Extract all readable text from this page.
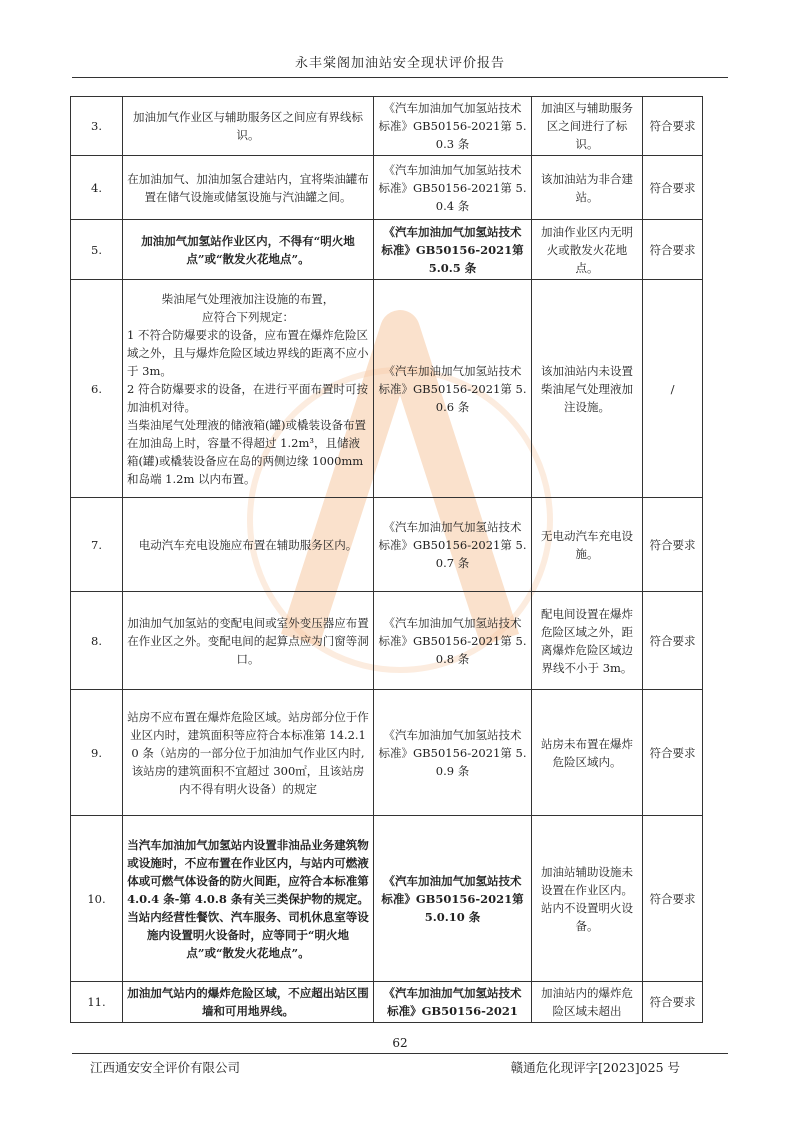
永丰棠阁加油站安全现状评价报告
3.	加油加气作业区与辅助服务区之间应有界线标识。	《汽车加油加气加氢站技术标准》GB50156-2021第 5.0.3 条	加油区与辅助服务区之间进行了标识。	符合要求
4.	在加油加气、加油加氢合建站内，宜将柴油罐布置在储气设施或储氢设施与汽油罐之间。	《汽车加油加气加氢站技术标准》GB50156-2021第 5.0.4 条	该加油站为非合建站。	符合要求
5.	加油加气加氢站作业区内，不得有“明火地点”或“散发火花地点”。	《汽车加油加气加氢站技术标准》GB50156-2021第 5.0.5 条	加油作业区内无明火或散发火花地点。	符合要求
6.	柴油尾气处理液加注设施的布置，
应符合下列规定：
1 不符合防爆要求的设备，应布置在爆炸危险区域之外，且与爆炸危险区域边界线的距离不应小于 3m。
2 符合防爆要求的设备，在进行平面布置时可按加油机对待。
当柴油尾气处理液的储液箱(罐)或橇装设备布置在加油岛上时，容量不得超过 1.2m³，且储液箱(罐)或橇装设备应在岛的两侧边缘 1000mm 和岛端 1.2m 以内布置。	《汽车加油加气加氢站技术标准》GB50156-2021第 5.0.6 条	该加油站内未设置柴油尾气处理液加注设施。	/
7.	电动汽车充电设施应布置在辅助服务区内。	《汽车加油加气加氢站技术标准》GB50156-2021第 5.0.7 条	无电动汽车充电设施。	符合要求
8.	加油加气加氢站的变配电间或室外变压器应布置在作业区之外。变配电间的起算点应为门窗等洞口。	《汽车加油加气加氢站技术标准》GB50156-2021第 5.0.8 条	配电间设置在爆炸危险区域之外，距离爆炸危险区域边界线不小于 3m。	符合要求
9.	站房不应布置在爆炸危险区域。站房部分位于作业区内时，建筑面积等应符合本标准第 14.2.10 条（站房的一部分位于加油加气作业区内时,该站房的建筑面积不宜超过 300㎡，且该站房内不得有明火设备）的规定	《汽车加油加气加氢站技术标准》GB50156-2021第 5.0.9 条	站房未布置在爆炸危险区域内。	符合要求
10.	当汽车加油加气加氢站内设置非油品业务建筑物或设施时，不应布置在作业区内，与站内可燃液体或可燃气体设备的防火间距，应符合本标准第 4.0.4 条-第 4.0.8 条有关三类保护物的规定。当站内经营性餐饮、汽车服务、司机休息室等设施内设置明火设备时，应等同于“明火地点”或“散发火花地点”。	《汽车加油加气加氢站技术标准》GB50156-2021第 5.0.10 条	加油站辅助设施未设置在作业区内。站内不设置明火设备。	符合要求
11.	加油加气站内的爆炸危险区域，不应超出站区围墙和可用地界线。	《汽车加油加气加氢站技术标准》GB50156-2021	加油站内的爆炸危险区域未超出	符合要求
62
江西通安安全评价有限公司	赣通危化现评字[2023]025 号
